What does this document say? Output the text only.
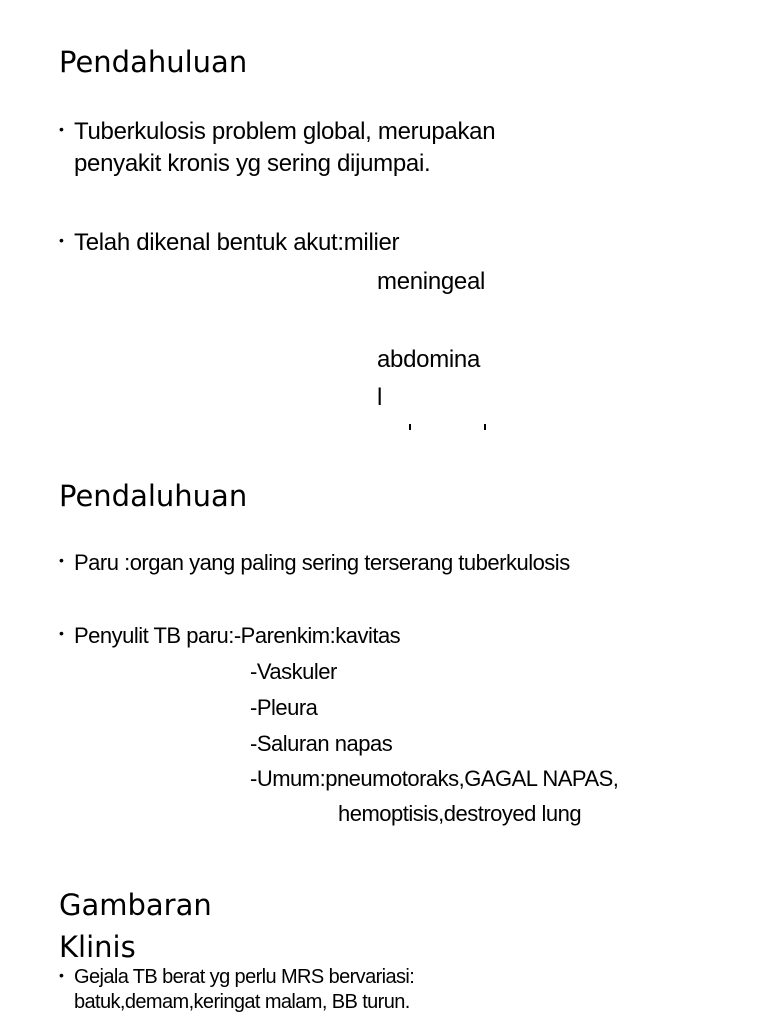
Pendahuluan
• Tuberkulosis problem global, merupakan

penyakit kronis yg sering dijumpai.

• Telah dikenal bentuk akut:milier

meningeal

abdomina

l

Pendaluhuan
• Paru :organ yang paling sering terserang tuberkulosis

• Penyulit TB paru:-Parenkim:kavitas

-Vaskuler

-Pleura

-Saluran napas

-Umum:pneumotoraks,GAGAL NAPAS,

hemoptisis,destroyed lung

Gambaran
Klinis
• Gejala TB berat yg perlu MRS bervariasi:

batuk,demam,keringat malam, BB turun.
